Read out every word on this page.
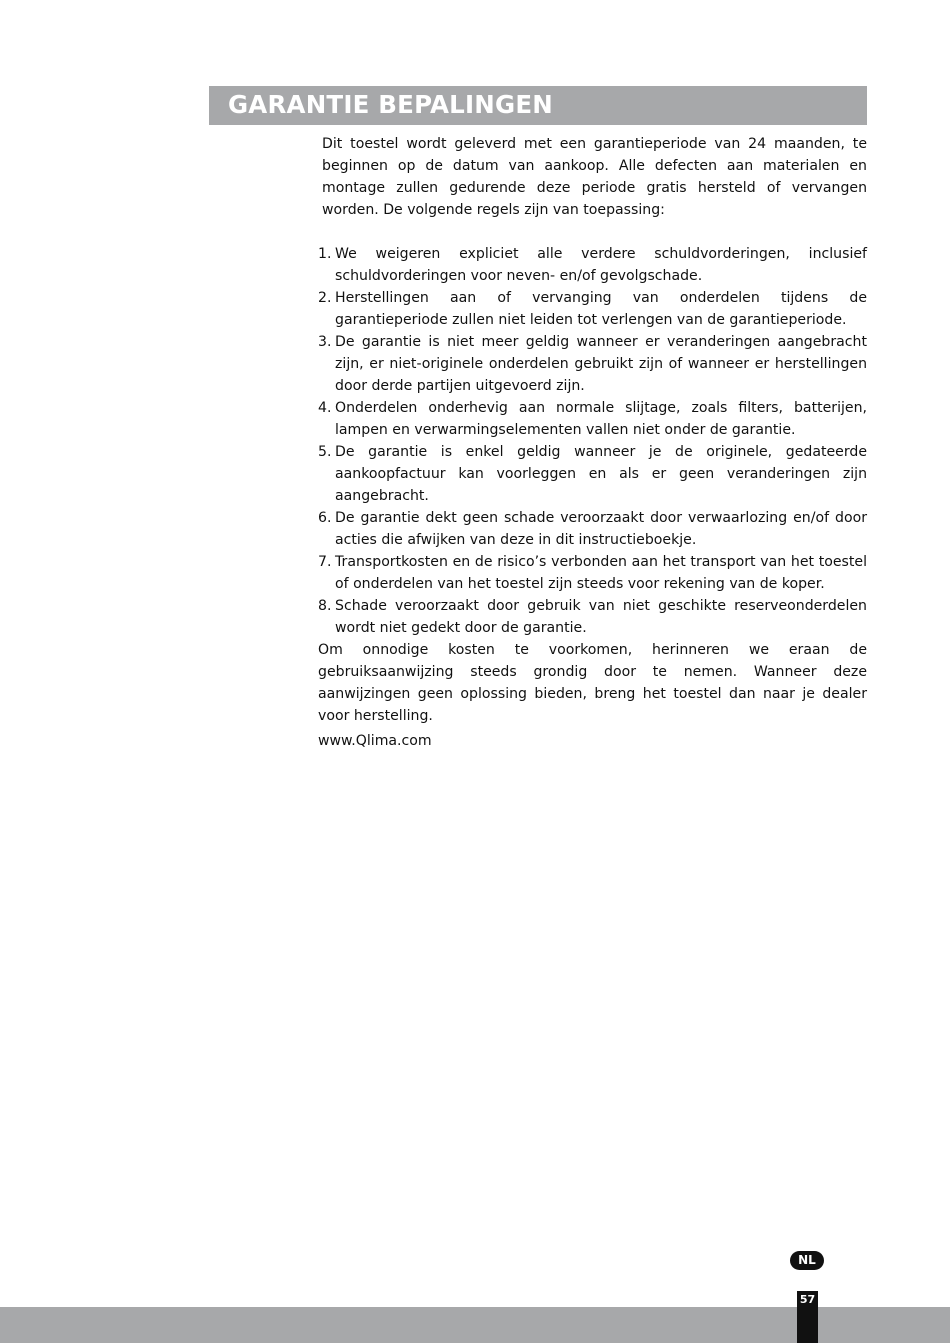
GARANTIE BEPALINGEN

Dit toestel wordt geleverd met een garantieperiode van 24 maanden, te beginnen op de datum van aankoop. Alle defecten aan materialen en montage zullen gedurende deze periode gratis hersteld of vervangen worden. De volgende regels zijn van toepassing:

1. We weigeren expliciet alle verdere schuldvorderingen, inclusief schuldvorderingen voor neven- en/of gevolgschade.
2. Herstellingen aan of vervanging van onderdelen tijdens de garantieperiode zullen niet leiden tot verlengen van de garantieperiode.
3. De garantie is niet meer geldig wanneer er veranderingen aangebracht zijn, er niet-originele onderdelen gebruikt zijn of wanneer er herstellingen door derde partijen uitgevoerd zijn.
4. Onderdelen onderhevig aan normale slijtage, zoals filters, batterijen, lampen en verwarmingselementen vallen niet onder de garantie.
5. De garantie is enkel geldig wanneer je de originele, gedateerde aankoopfactuur kan voorleggen en als er geen veranderingen zijn aangebracht.
6. De garantie dekt geen schade veroorzaakt door verwaarlozing en/of door acties die afwijken van deze in dit instructieboekje.
7. Transportkosten en de risico’s verbonden aan het transport van het toestel of onderdelen van het toestel zijn steeds voor rekening van de koper.
8. Schade veroorzaakt door gebruik van niet geschikte reserveonderdelen wordt niet gedekt door de garantie.

Om onnodige kosten te voorkomen, herinneren we eraan de gebruiksaanwijzing steeds grondig door te nemen. Wanneer deze aanwijzingen geen oplossing bieden, breng het toestel dan naar je dealer voor herstelling.

www.Qlima.com

NL
57
